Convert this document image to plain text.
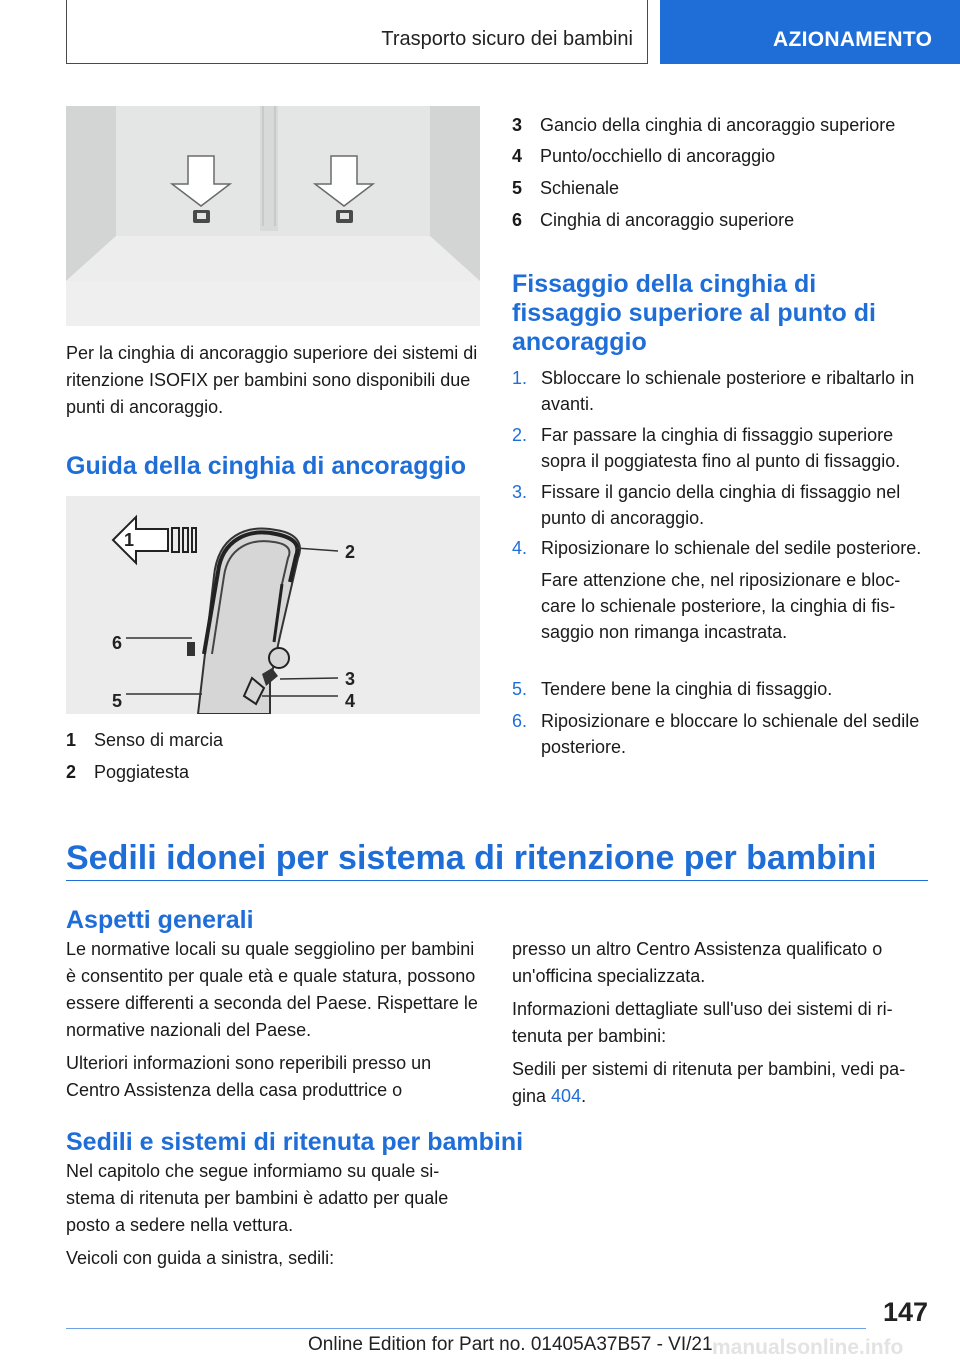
Trasporto sicuro dei bambini	AZIONAMENTO

Per la cinghia di ancoraggio superiore dei sistemi di ritenzione ISOFIX per bambini sono disponibili due punti di ancoraggio.

Guida della cinghia di ancoraggio
1
2
3
4
5
6
1 Senso di marcia
2 Poggiatesta
3 Gancio della cinghia di ancoraggio superiore
4 Punto/occhiello di ancoraggio
5 Schienale
6 Cinghia di ancoraggio superiore
Fissaggio della cinghia di
fissaggio superiore al punto di
ancoraggio
1. Sbloccare lo schienale posteriore e ribaltarlo in avanti.
2. Far passare la cinghia di fissaggio superiore sopra il poggiatesta fino al punto di fissaggio.
3. Fissare il gancio della cinghia di fissaggio nel punto di ancoraggio.
4. Riposizionare lo schienale del sedile posteriore.
Fare attenzione che, nel riposizionare e bloccare lo schienale posteriore, la cinghia di fissaggio non rimanga incastrata.
5. Tendere bene la cinghia di fissaggio.
6. Riposizionare e bloccare lo schienale del sedile posteriore.
Sedili idonei per sistema di ritenzione per bambini
Aspetti generali

Le normative locali su quale seggiolino per bambini è consentito per quale età e quale statura, possono essere differenti a seconda del Paese. Rispettare le normative nazionali del Paese.

Ulteriori informazioni sono reperibili presso un Centro Assistenza della casa produttrice o

presso un altro Centro Assistenza qualificato o un'officina specializzata.

Informazioni dettagliate sull'uso dei sistemi di ritenuta per bambini:

Sedili per sistemi di ritenuta per bambini, vedi pagina 404.

Sedili e sistemi di ritenuta per bambini

Nel capitolo che segue informiamo su quale sistema di ritenuta per bambini è adatto per quale posto a sedere nella vettura.

Veicoli con guida a sinistra, sedili:

147
Online Edition for Part no. 01405A37B57 - VI/21 manualsonline.info
